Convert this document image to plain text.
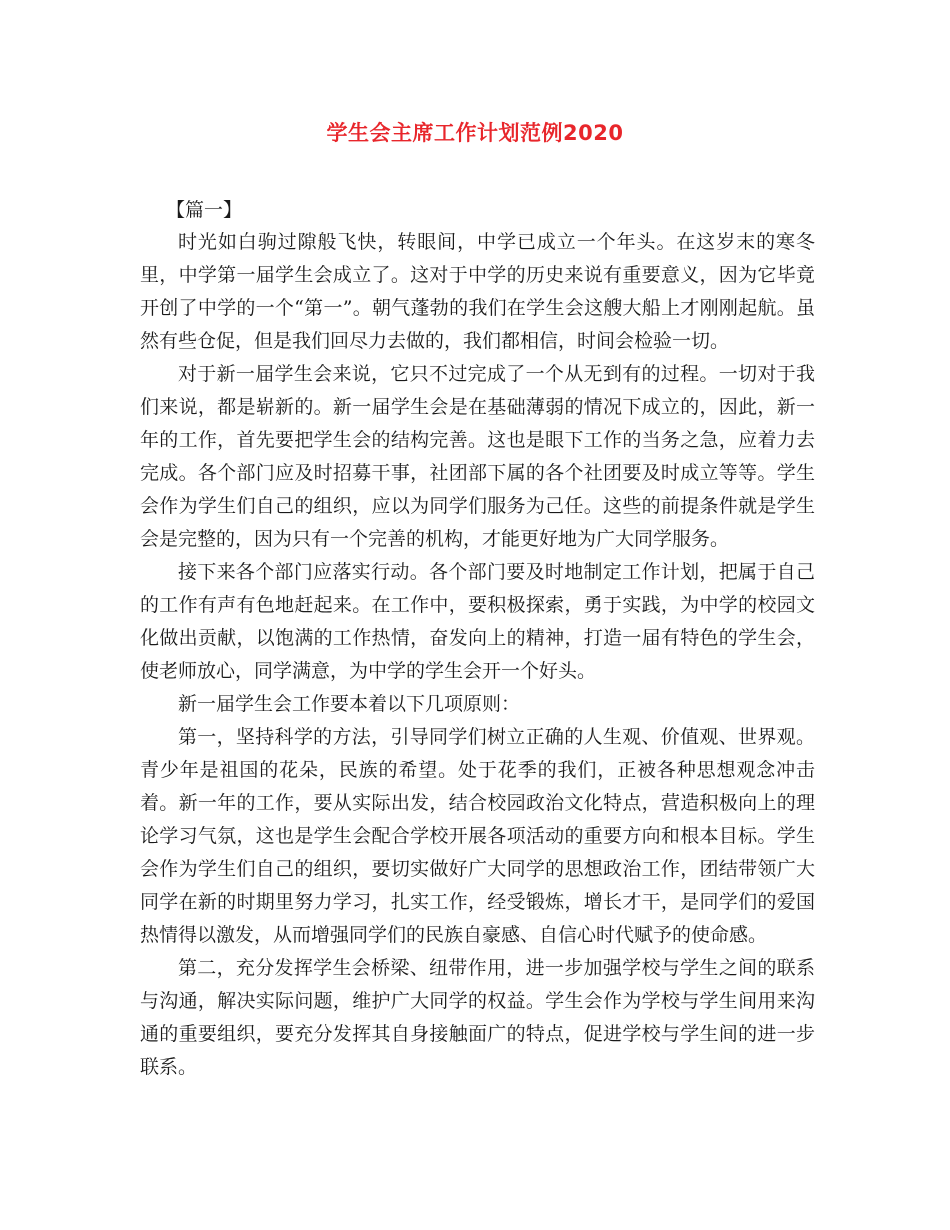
学生会主席工作计划范例2020

【篇一】

时光如白驹过隙般飞快，转眼间，中学已成立一个年头。在这岁末的寒冬里，中学第一届学生会成立了。这对于中学的历史来说有重要意义，因为它毕竟开创了中学的一个“第一”。朝气蓬勃的我们在学生会这艘大船上才刚刚起航。虽然有些仓促，但是我们回尽力去做的，我们都相信，时间会检验一切。

对于新一届学生会来说，它只不过完成了一个从无到有的过程。一切对于我们来说，都是崭新的。新一届学生会是在基础薄弱的情况下成立的，因此，新一年的工作，首先要把学生会的结构完善。这也是眼下工作的当务之急，应着力去完成。各个部门应及时招募干事，社团部下属的各个社团要及时成立等等。学生会作为学生们自己的组织，应以为同学们服务为己任。这些的前提条件就是学生会是完整的，因为只有一个完善的机构，才能更好地为广大同学服务。

接下来各个部门应落实行动。各个部门要及时地制定工作计划，把属于自己的工作有声有色地赶起来。在工作中，要积极探索，勇于实践，为中学的校园文化做出贡献，以饱满的工作热情，奋发向上的精神，打造一届有特色的学生会，使老师放心，同学满意，为中学的学生会开一个好头。

新一届学生会工作要本着以下几项原则：

第一，坚持科学的方法，引导同学们树立正确的人生观、价值观、世界观。青少年是祖国的花朵，民族的希望。处于花季的我们，正被各种思想观念冲击着。新一年的工作，要从实际出发，结合校园政治文化特点，营造积极向上的理论学习气氛，这也是学生会配合学校开展各项活动的重要方向和根本目标。学生会作为学生们自己的组织，要切实做好广大同学的思想政治工作，团结带领广大同学在新的时期里努力学习，扎实工作，经受锻炼，增长才干，是同学们的爱国热情得以激发，从而增强同学们的民族自豪感、自信心时代赋予的使命感。

第二，充分发挥学生会桥梁、纽带作用，进一步加强学校与学生之间的联系与沟通，解决实际问题，维护广大同学的权益。学生会作为学校与学生间用来沟通的重要组织，要充分发挥其自身接触面广的特点，促进学校与学生间的进一步联系。
